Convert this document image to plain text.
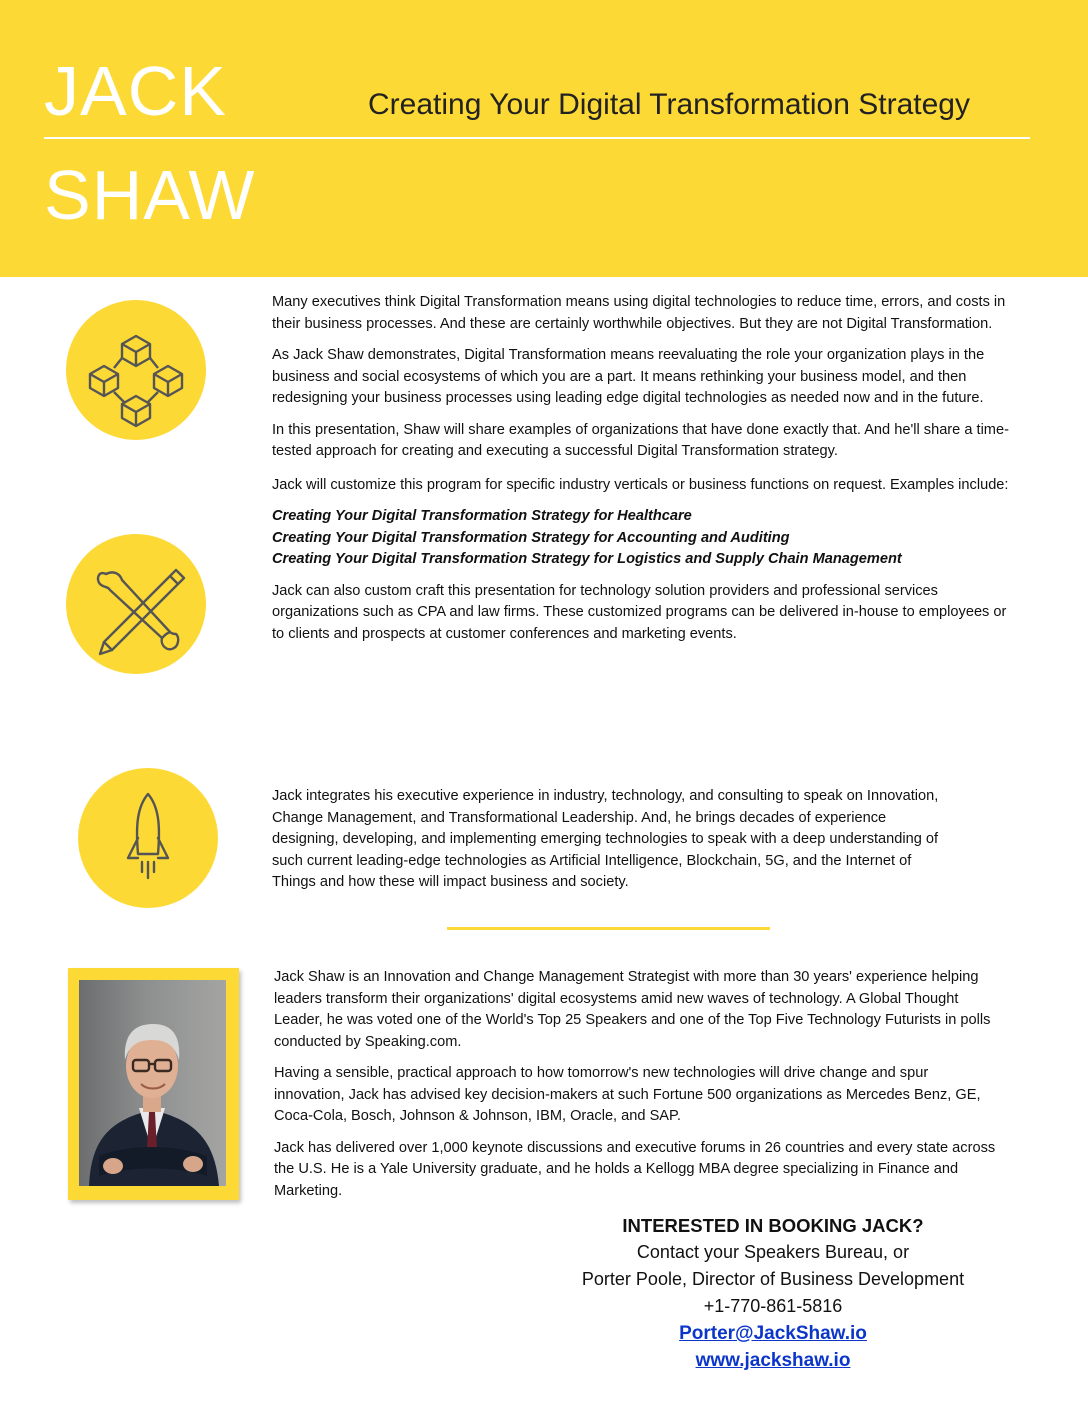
JACK	Creating Your Digital Transformation Strategy
SHAW

Many executives think Digital Transformation means using digital technologies to reduce time, errors, and costs in their business processes. And these are certainly worthwhile objectives. But they are not Digital Transformation.

As Jack Shaw demonstrates, Digital Transformation means reevaluating the role your organization plays in the business and social ecosystems of which you are a part. It means rethinking your business model, and then redesigning your business processes using leading edge digital technologies as needed now and in the future.

In this presentation, Shaw will share examples of organizations that have done exactly that. And he'll share a time-tested approach for creating and executing a successful Digital Transformation strategy.

Jack will customize this program for specific industry verticals or business functions on request. Examples include:

Creating Your Digital Transformation Strategy for Healthcare
Creating Your Digital Transformation Strategy for Accounting and Auditing
Creating Your Digital Transformation Strategy for Logistics and Supply Chain Management

Jack can also custom craft this presentation for technology solution providers and professional services organizations such as CPA and law firms. These customized programs can be delivered in-house to employees or to clients and prospects at customer conferences and marketing events.

Jack integrates his executive experience in industry, technology, and consulting to speak on Innovation, Change Management, and Transformational Leadership. And, he brings decades of experience designing, developing, and implementing emerging technologies to speak with a deep understanding of such current leading-edge technologies as Artificial Intelligence, Blockchain, 5G, and the Internet of Things and how these will impact business and society.

Jack Shaw is an Innovation and Change Management Strategist with more than 30 years' experience helping leaders transform their organizations' digital ecosystems amid new waves of technology. A Global Thought Leader, he was voted one of the World's Top 25 Speakers and one of the Top Five Technology Futurists in polls conducted by Speaking.com.

Having a sensible, practical approach to how tomorrow's new technologies will drive change and spur innovation, Jack has advised key decision-makers at such Fortune 500 organizations as Mercedes Benz, GE, Coca-Cola, Bosch, Johnson & Johnson, IBM, Oracle, and SAP.

Jack has delivered over 1,000 keynote discussions and executive forums in 26 countries and every state across the U.S. He is a Yale University graduate, and he holds a Kellogg MBA degree specializing in Finance and Marketing.

INTERESTED IN BOOKING JACK?
Contact your Speakers Bureau, or
Porter Poole, Director of Business Development
+1-770-861-5816
Porter@JackShaw.io
www.jackshaw.io
